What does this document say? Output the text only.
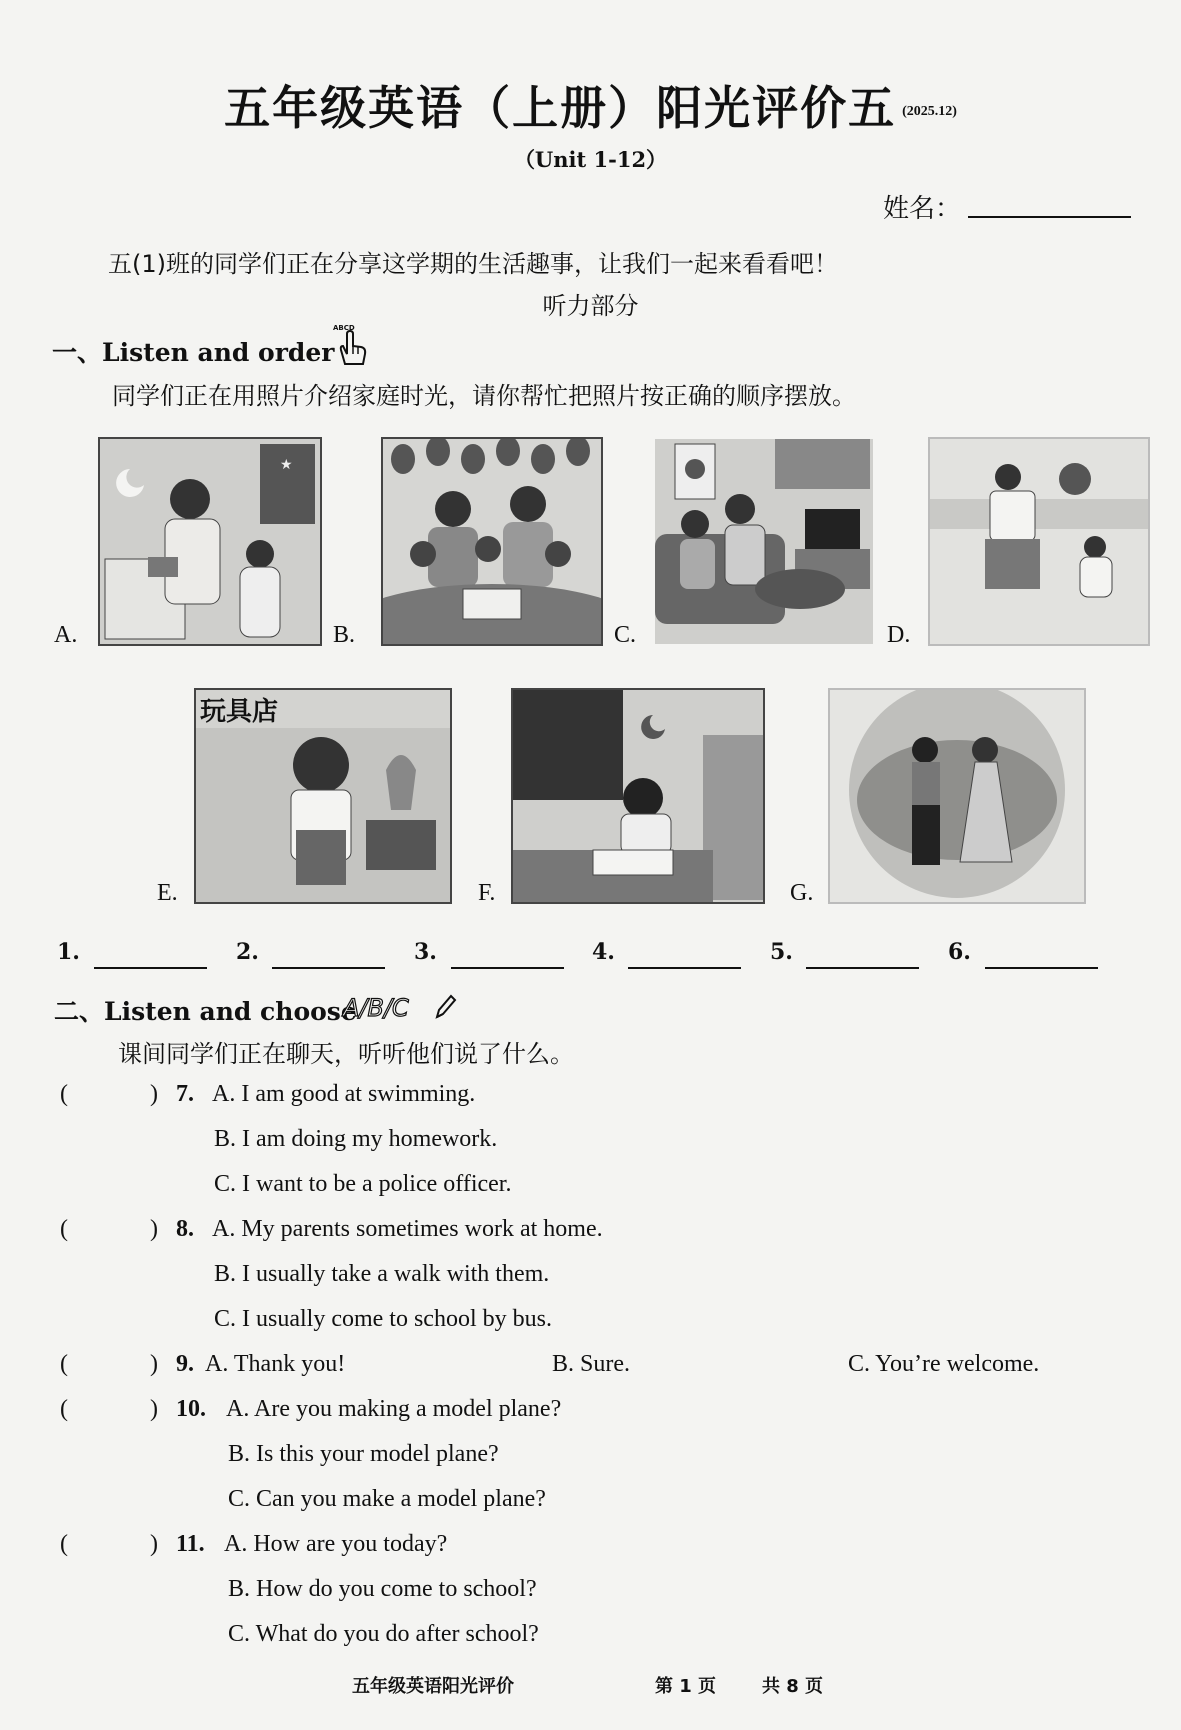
五年级英语（上册）阳光评价五 (2025.12)
（Unit 1-12）
姓名：
五(1)班的同学们正在分享这学期的生活趣事，让我们一起来看看吧！
听力部分
一、Listen and order
ABCD
同学们正在用照片介绍家庭时光，请你帮忙把照片按正确的顺序摆放。
A.
★
B.	C.	D.
E.
玩具店
F.	G.
1.	2.	3.	4.	5.	6.
二、Listen and choose
A/B/C
课间同学们正在聊天，听听他们说了什么。
(	) 7. A. I am good at swimming.
B. I am doing my homework.
C. I want to be a police officer.
(	) 8. A. My parents sometimes work at home.
B. I usually take a walk with them.
C. I usually come to school by bus.
(	) 9. A. Thank you!	B. Sure.	C. You’re welcome.
(	) 10. A. Are you making a model plane?
B. Is this your model plane?
C. Can you make a model plane?
(	) 11. A. How are you today?
B. How do you come to school?
C. What do you do after school?
五年级英语阳光评价	第 1 页	共 8 页
